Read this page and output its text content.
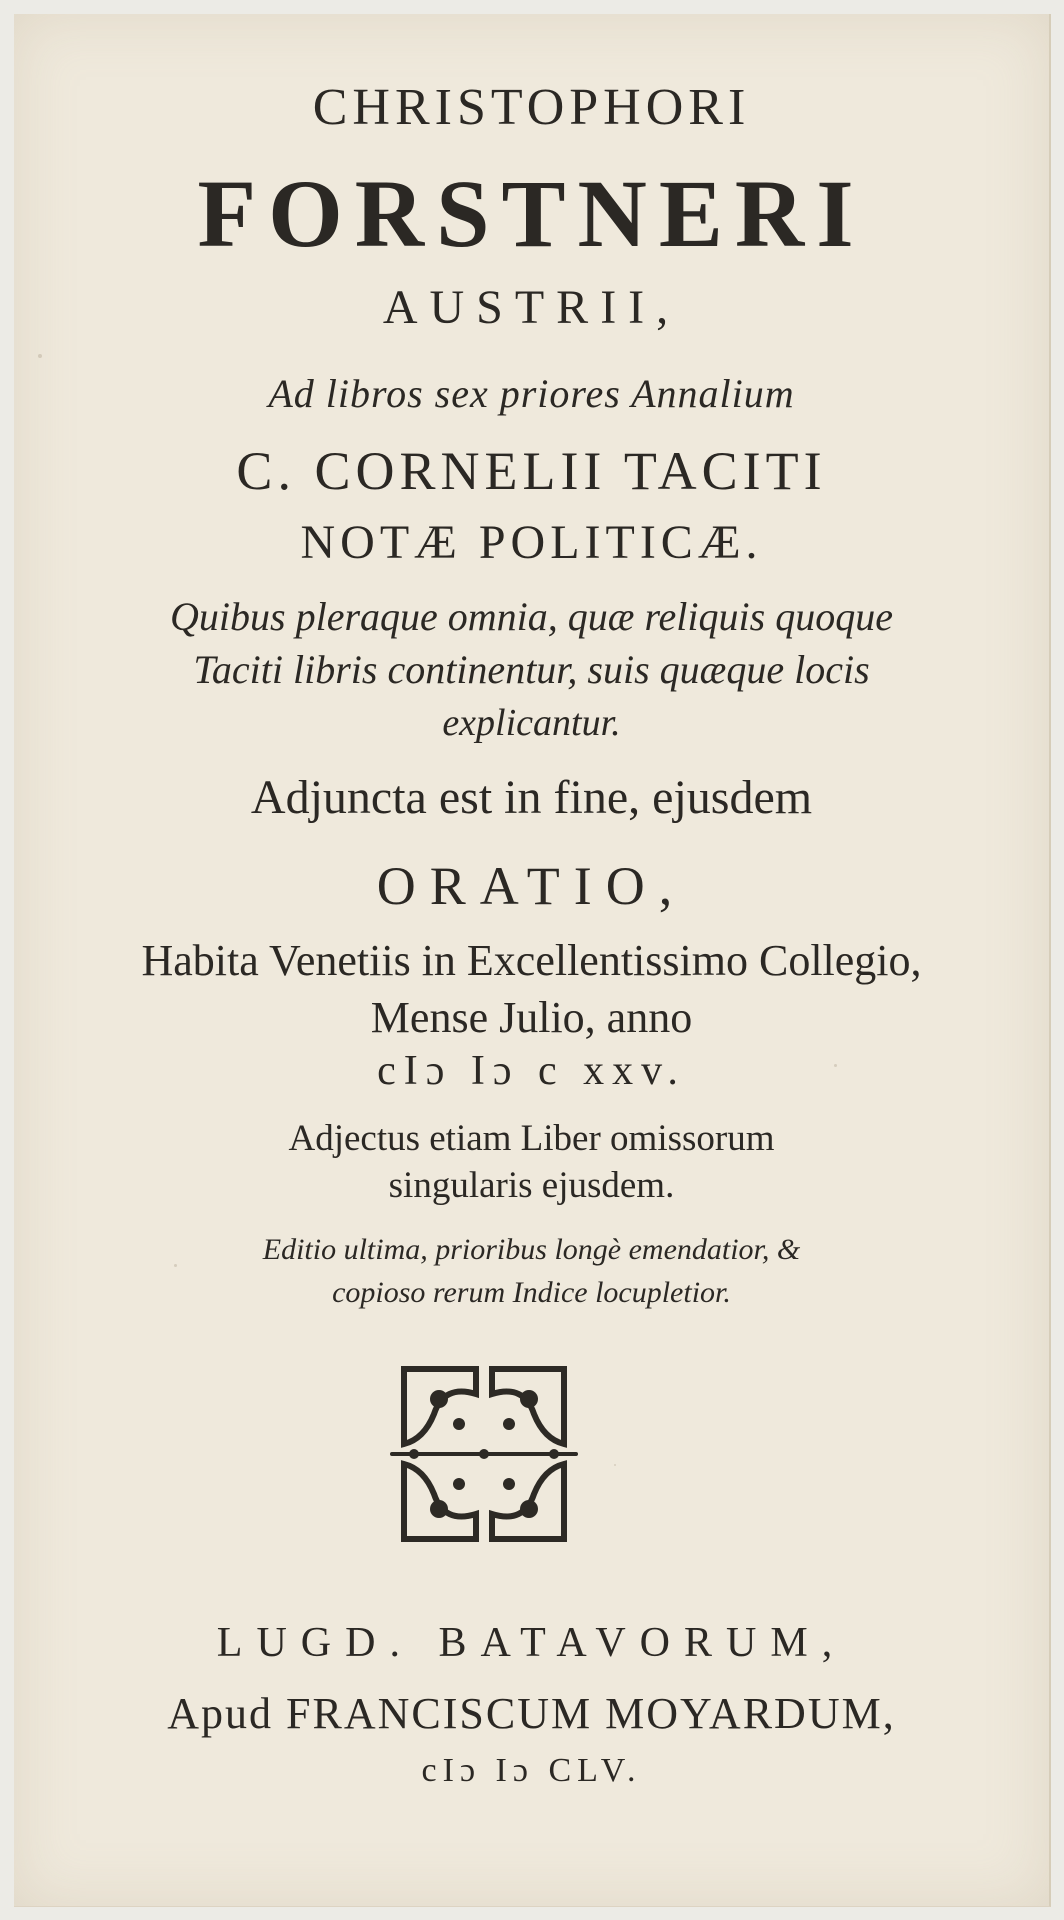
CHRISTOPHORI
FORSTNERI
AUSTRII,
Ad libros sex priores Annalium
C. CORNELII TACITI
NOTÆ POLITICÆ.
Quibus pleraque omnia, quæ reliquis quoque
Taciti libris continentur, suis quæque locis
explicantur.
Adjuncta est in fine, ejusdem
ORATIO,
Habita Venetiis in Excellentissimo Collegio,
Mense Julio, anno
cIɔ Iɔ c xxv.
Adjectus etiam Liber omissorum
singularis ejusdem.
Editio ultima, prioribus longè emendatior, &
copioso rerum Indice locupletior.
LUGD. BATAVORUM,
Apud FRANCISCUM MOYARDUM,
cIɔ Iɔ CLV.
